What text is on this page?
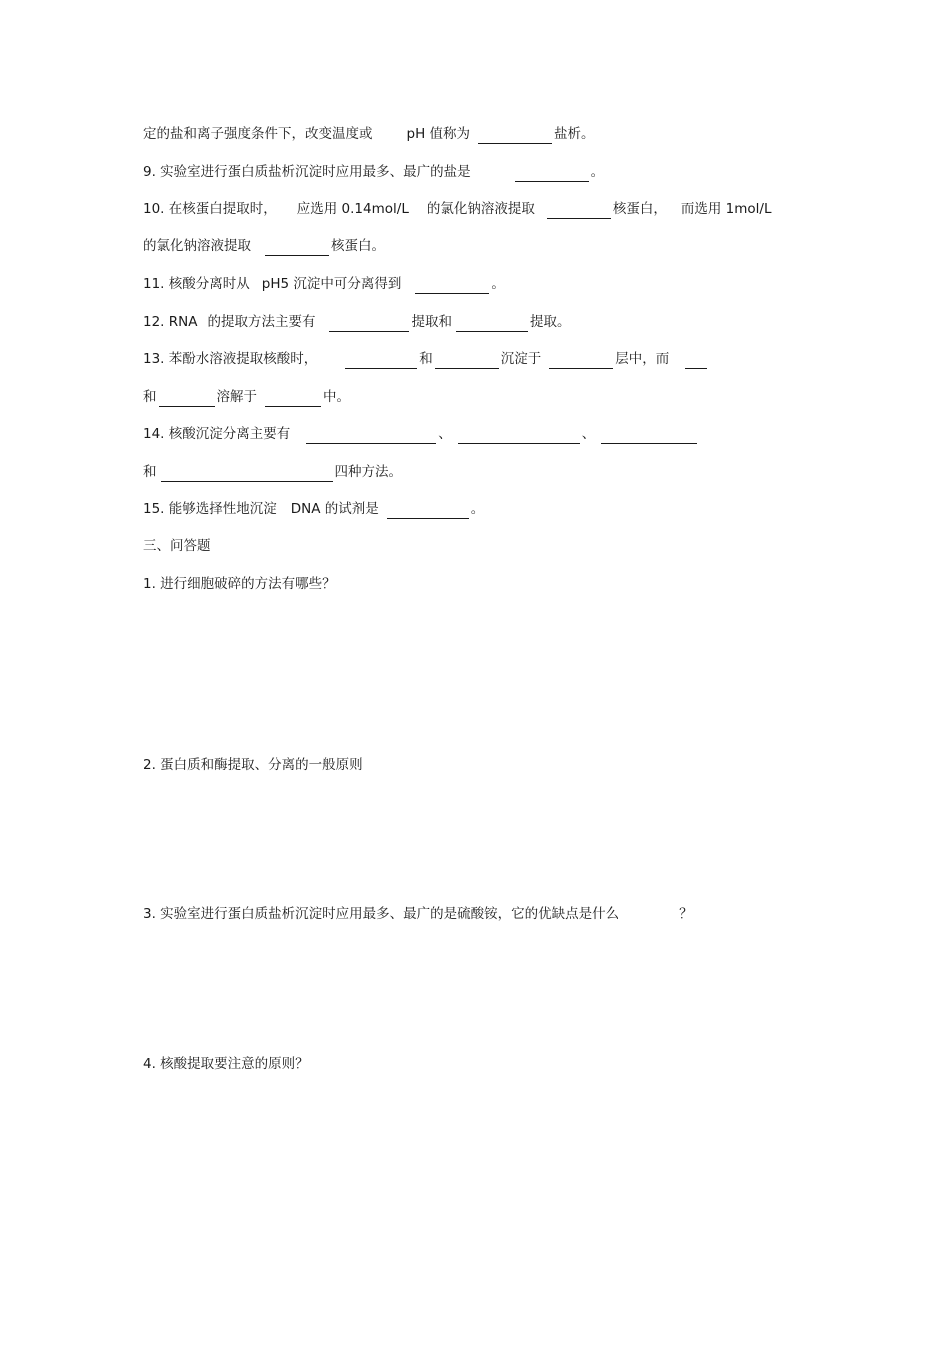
定的盐和离子强度条件下，改变温度或	pH 值称为	盐析。
9. 实验室进行蛋白质盐析沉淀时应用最多、最广的盐是	。
10. 在核蛋白提取时， 应选用 0.14mol/L 的氯化钠溶液提取	核蛋白， 而选用 1mol/L
的氯化钠溶液提取	核蛋白。
11. 核酸分离时从 pH5 沉淀中可分离得到	。
12. RNA 的提取方法主要有	提取和	提取。
13. 苯酚水溶液提取核酸时，	和	沉淀于	层中，而
和	溶解于	中。
14. 核酸沉淀分离主要有	、	、
和	四种方法。
15. 能够选择性地沉淀 DNA 的试剂是	。
三、问答题
1. 进行细胞破碎的方法有哪些？
2. 蛋白质和酶提取、分离的一般原则
3. 实验室进行蛋白质盐析沉淀时应用最多、最广的是硫酸铵，它的优缺点是什么	？
4. 核酸提取要注意的原则？
